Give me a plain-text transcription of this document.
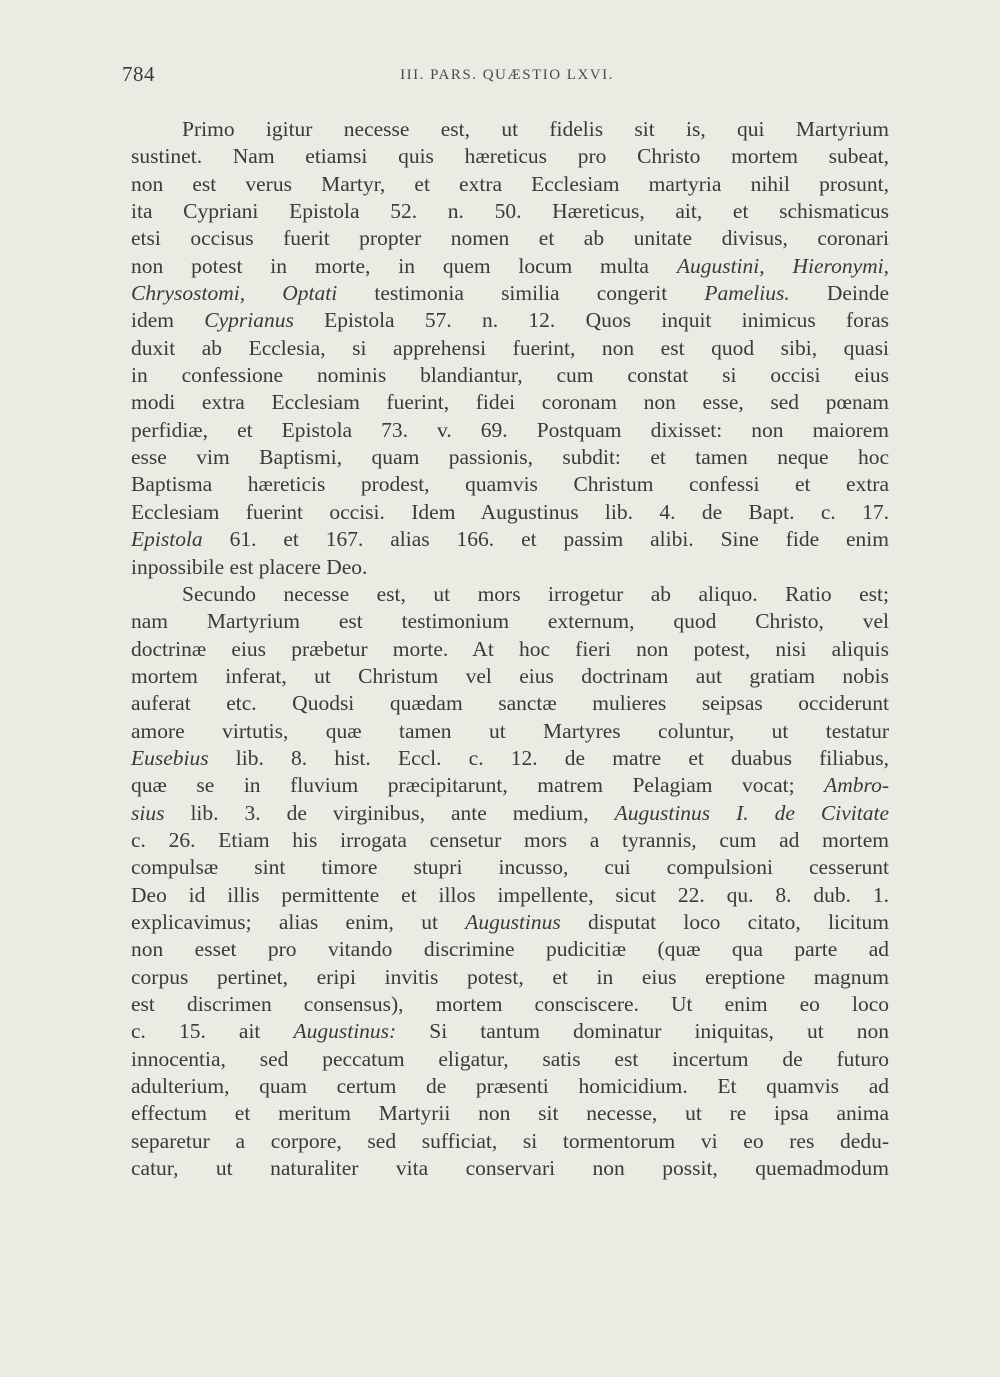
784	III. PARS. QUÆSTIO LXVI.
Primo igitur necesse est, ut fidelis sit is, qui Martyrium
sustinet. Nam etiamsi quis hæreticus pro Christo mortem subeat,
non est verus Martyr, et extra Ecclesiam martyria nihil prosunt,
ita Cypriani Epistola 52. n. 50. Hæreticus, ait, et schismaticus
etsi occisus fuerit propter nomen et ab unitate divisus, coronari
non potest in morte, in quem locum multa Augustini, Hieronymi,
Chrysostomi, Optati testimonia similia congerit Pamelius. Deinde
idem Cyprianus Epistola 57. n. 12. Quos inquit inimicus foras
duxit ab Ecclesia, si apprehensi fuerint, non est quod sibi, quasi
in confessione nominis blandiantur, cum constat si occisi eius
modi extra Ecclesiam fuerint, fidei coronam non esse, sed pœnam
perfidiæ, et Epistola 73. v. 69. Postquam dixisset: non maiorem
esse vim Baptismi, quam passionis, subdit: et tamen neque hoc
Baptisma hæreticis prodest, quamvis Christum confessi et extra
Ecclesiam fuerint occisi. Idem Augustinus lib. 4. de Bapt. c. 17.
Epistola 61. et 167. alias 166. et passim alibi. Sine fide enim
inpossibile est placere Deo.
Secundo necesse est, ut mors irrogetur ab aliquo. Ratio est;
nam Martyrium est testimonium externum, quod Christo, vel
doctrinæ eius præbetur morte. At hoc fieri non potest, nisi aliquis
mortem inferat, ut Christum vel eius doctrinam aut gratiam nobis
auferat etc. Quodsi quædam sanctæ mulieres seipsas occiderunt
amore virtutis, quæ tamen ut Martyres coluntur, ut testatur
Eusebius lib. 8. hist. Eccl. c. 12. de matre et duabus filiabus,
quæ se in fluvium præcipitarunt, matrem Pelagiam vocat; Ambro-
sius lib. 3. de virginibus, ante medium, Augustinus I. de Civitate
c. 26. Etiam his irrogata censetur mors a tyrannis, cum ad mortem
compulsæ sint timore stupri incusso, cui compulsioni cesserunt
Deo id illis permittente et illos impellente, sicut 22. qu. 8. dub. 1.
explicavimus; alias enim, ut Augustinus disputat loco citato, licitum
non esset pro vitando discrimine pudicitiæ (quæ qua parte ad
corpus pertinet, eripi invitis potest, et in eius ereptione magnum
est discrimen consensus), mortem consciscere. Ut enim eo loco
c. 15. ait Augustinus: Si tantum dominatur iniquitas, ut non
innocentia, sed peccatum eligatur, satis est incertum de futuro
adulterium, quam certum de præsenti homicidium. Et quamvis ad
effectum et meritum Martyrii non sit necesse, ut re ipsa anima
separetur a corpore, sed sufficiat, si tormentorum vi eo res dedu-
catur, ut naturaliter vita conservari non possit, quemadmodum
